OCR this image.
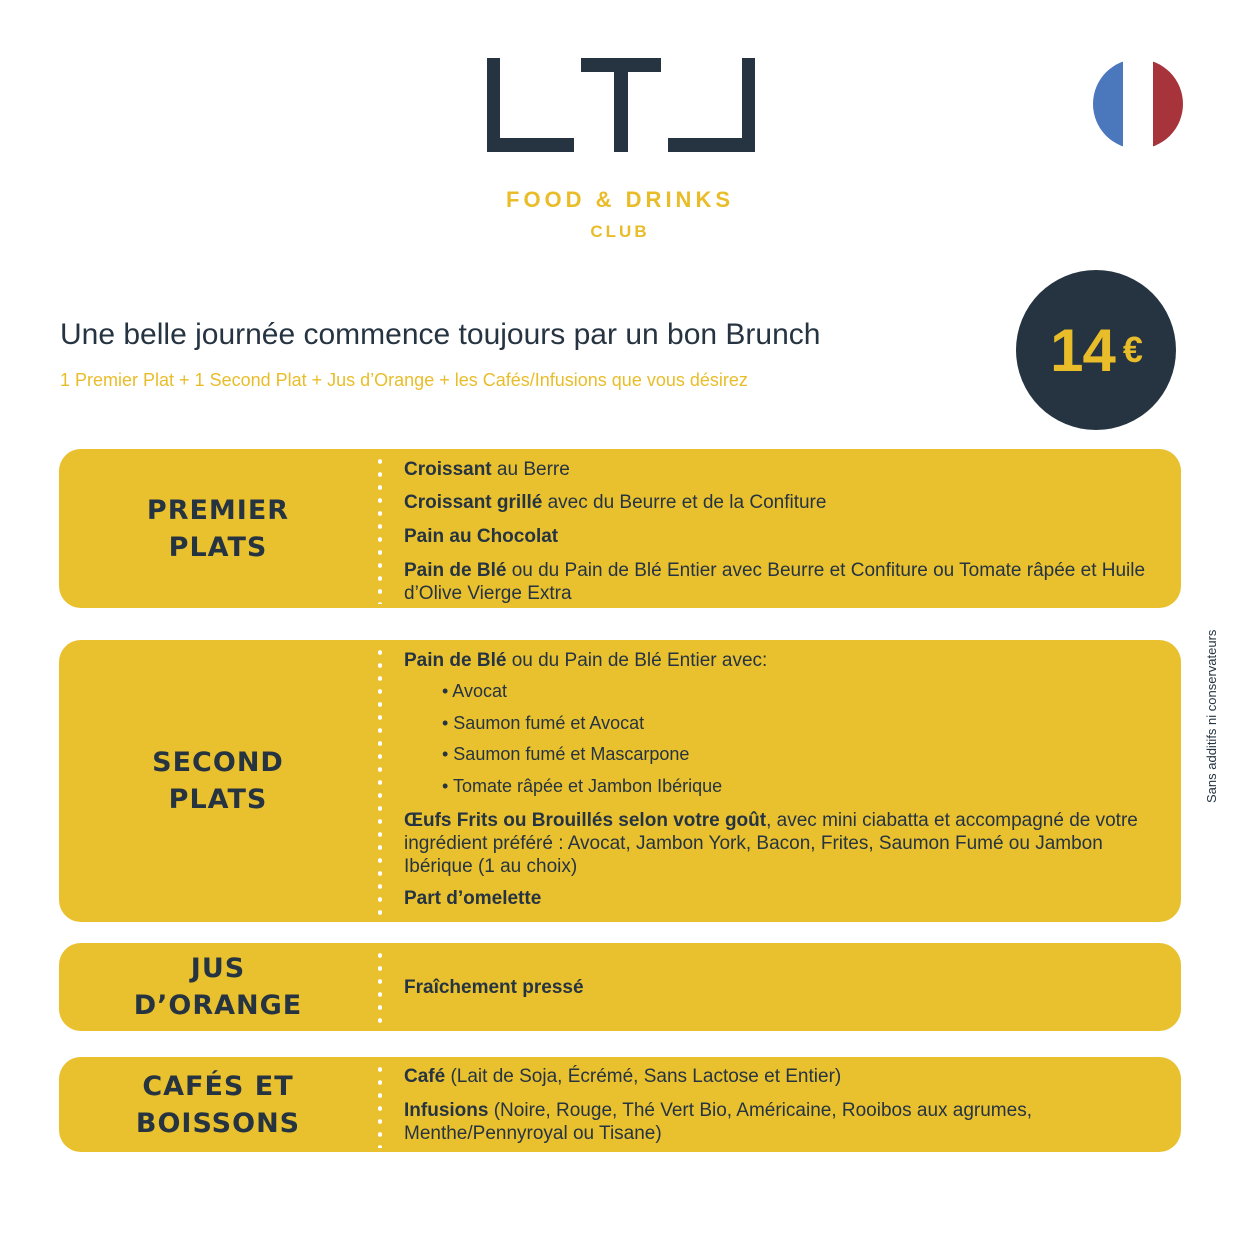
FOOD & DRINKS
CLUB
Une belle journée commence toujours par un bon Brunch
1 Premier Plat + 1 Second Plat + Jus d’Orange + les Cafés/Infusions que vous désirez	14 €
PREMIER
PLATS
Croissant au Berre
Croissant grillé avec du Beurre et de la Confiture
Pain au Chocolat
Pain de Blé ou du Pain de Blé Entier avec Beurre et Confiture ou Tomate râpée et Huile d’Olive Vierge Extra
SECOND
PLATS
Pain de Blé ou du Pain de Blé Entier avec:
• Avocat
• Saumon fumé et Avocat
• Saumon fumé et Mascarpone
• Tomate râpée et Jambon Ibérique
Œufs Frits ou Brouillés selon votre goût, avec mini ciabatta et accompagné de votre ingrédient préféré : Avocat, Jambon York, Bacon, Frites, Saumon Fumé ou Jambon Ibérique (1 au choix)
Part d’omelette
JUS
D’ORANGE
Fraîchement pressé
CAFÉS ET
BOISSONS
Café (Lait de Soja, Écrémé, Sans Lactose et Entier)
Infusions (Noire, Rouge, Thé Vert Bio, Américaine, Rooibos aux agrumes, Menthe/Pennyroyal ou Tisane)
Sans additifs ni conservateurs
